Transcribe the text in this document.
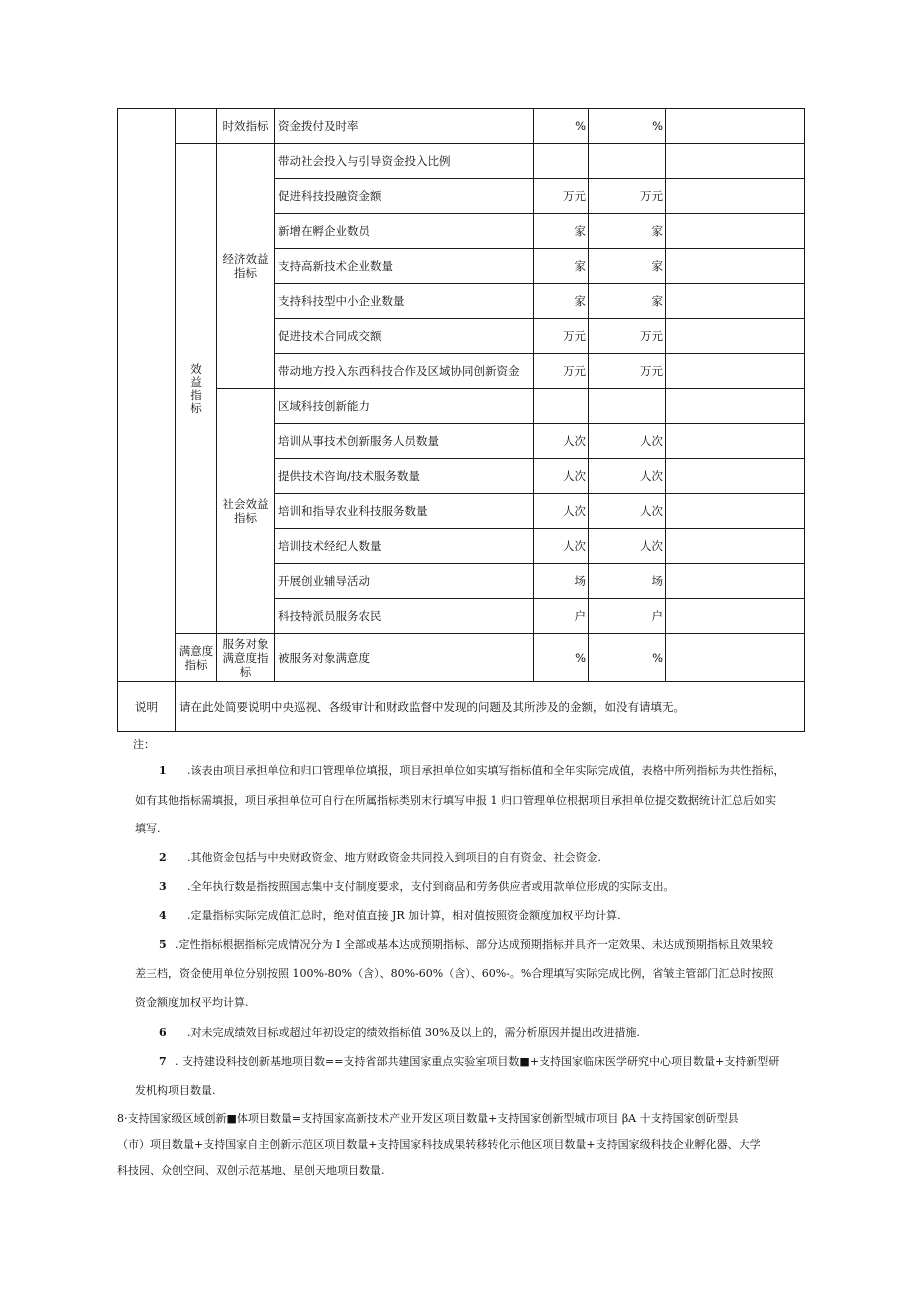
		时效指标	资金拨付及时率	%	%	

	效益指标	经济效益指标	带动社会投入与引导资金投入比例			
			促进科技投融资金额	万元	万元	
			新增在孵企业数员	家	家	
			支持高新技术企业数量	家	家	
			支持科技型中小企业数量	家	家	
			促进技术合同成交额	万元	万元	
			带动地方投入东西科技合作及区域协同创新资金	万元	万元	
		社会效益指标	区域科技创新能力			
			培训从事技术创新服务人员数量	人次	人次	
			提供技术咨询/技术服务数量	人次	人次	
			培训和指导农业科技服务数量	人次	人次	
			培训技术经纪人数量	人次	人次	
			开展创业辅导活动	场	场	
			科技特派员服务农民	户	户	
	满意度指标	服务对象满意度指标	被服务对象满意度	%	%	
说明	请在此处简要说明中央巡视、各级审计和财政监督中发现的问题及其所涉及的金额，如没有请填无。					
注：
1 .该表由项目承担单位和归口管理单位填报，项目承担单位如实填写指标值和全年实际完成值，表格中所列指标为共性指标，
如有其他指标需填报，项目承担单位可自行在所属指标类别末行填写申报 1 归口管理单位根据项目承担单位提交数据统计汇总后如实
填写.
2 .其他资金包括与中央财政资金、地方财政资金共同投入到项目的自有资金、社会资金.
3 .全年执行数是指按照国志集中支付制度要求，支付到商品和劳务供应者或用款单位形成的实际支出。
4 .定量指标实际完成值汇总时，绝对值直接 JR 加计算，相对值按照资金额度加权平均计算.
5 .定性指标根据指标完成情况分为 I 全部或基本达成预期指标、部分达成预期指标并具齐一定效果、未达成预期指标且效果较
差三档，资金使用单位分别按照 100%-80%（含）、80%-60%（含）、60%-。%合理填写实际完成比例，省皱主管部门汇总时按照
资金额度加权平均计算.
6 .对未完成绩效目标或超过年初设定的绩效指标值 30%及以上的，需分析原因并提出改进措施.
7 . 支持建设科技创新基地项目数==支持省部共建国家重点实验室项目数■+支持国家临床医学研究中心项目数量+支持新型研
发机构项目数量.
8·支持国家级区域创新■体项目数量=支持国家高新技术产业开发区项目数量+支持国家创新型城市项目 βA 十支持国家创斫型县
（市）项目数量+支持国家自主创新示范区项目数量+支持国家科技成果转移转化示他区项目数量+支持国家级科技企业孵化器、大学
科技园、众创空间、双创示范基地、星创天地项目数量.
